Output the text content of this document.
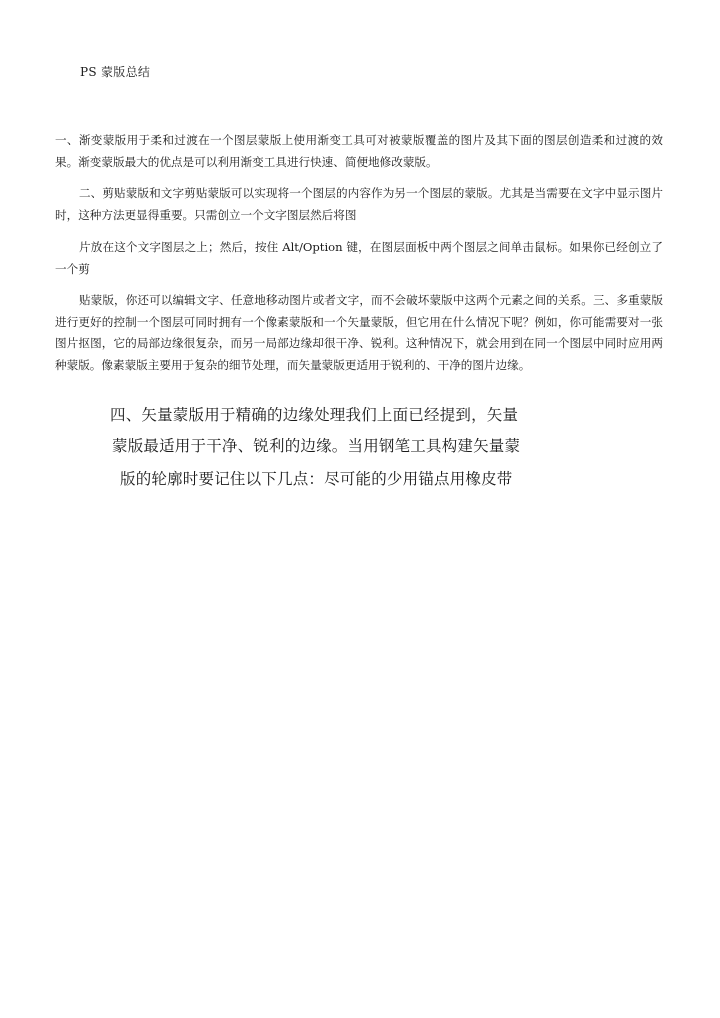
PS 蒙版总结

一、渐变蒙版用于柔和过渡在一个图层蒙版上使用渐变工具可对被蒙版覆盖的图片及其下面的图层创造柔和过渡的效果。渐变蒙版最大的优点是可以利用渐变工具进行快速、简便地修改蒙版。

二、剪贴蒙版和文字剪贴蒙版可以实现将一个图层的内容作为另一个图层的蒙版。尤其是当需要在文字中显示图片时，这种方法更显得重要。只需创立一个文字图层然后将图

片放在这个文字图层之上；然后，按住 Alt/Option 键，在图层面板中两个图层之间单击鼠标。如果你已经创立了一个剪

贴蒙版，你还可以编辑文字、任意地移动图片或者文字，而不会破坏蒙版中这两个元素之间的关系。三、多重蒙版进行更好的控制一个图层可同时拥有一个像素蒙版和一个矢量蒙版，但它用在什么情况下呢？例如，你可能需要对一张图片抠图，它的局部边缘很复杂，而另一局部边缘却很干净、锐利。这种情况下，就会用到在同一个图层中同时应用两种蒙版。像素蒙版主要用于复杂的细节处理，而矢量蒙版更适用于锐利的、干净的图片边缘。

四、矢量蒙版用于精确的边缘处理我们上面已经提到，矢量
蒙版最适用于干净、锐利的边缘。当用钢笔工具构建矢量蒙
版的轮廓时要记住以下几点：尽可能的少用锚点用橡皮带
